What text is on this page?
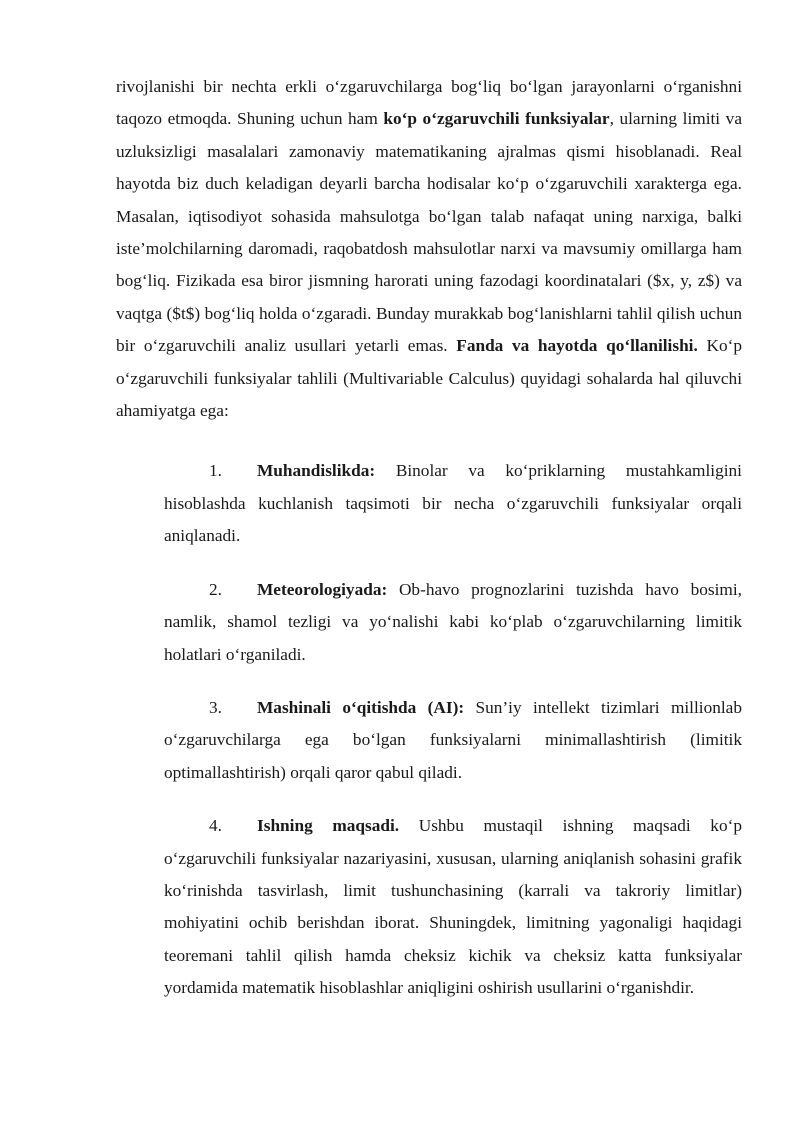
rivojlanishi bir nechta erkli o‘zgaruvchilarga bog‘liq bo‘lgan jarayonlarni o‘rganishni taqozo etmoqda. Shuning uchun ham ko‘p o‘zgaruvchili funksiyalar, ularning limiti va uzluksizligi masalalari zamonaviy matematikaning ajralmas qismi hisoblanadi. Real hayotda biz duch keladigan deyarli barcha hodisalar ko‘p o‘zgaruvchili xarakterga ega. Masalan, iqtisodiyot sohasida mahsulotga bo‘lgan talab nafaqat uning narxiga, balki iste’molchilarning daromadi, raqobatdosh mahsulotlar narxi va mavsumiy omillarga ham bog‘liq. Fizikada esa biror jismning harorati uning fazodagi koordinatalari ($x, y, z$) va vaqtga ($t$) bog‘liq holda o‘zgaradi. Bunday murakkab bog‘lanishlarni tahlil qilish uchun bir o‘zgaruvchili analiz usullari yetarli emas. Fanda va hayotda qo‘llanilishi. Ko‘p o‘zgaruvchili funksiyalar tahlili (Multivariable Calculus) quyidagi sohalarda hal qiluvchi ahamiyatga ega:

1. Muhandislikda: Binolar va ko‘priklarning mustahkamligini hisoblashda kuchlanish taqsimoti bir necha o‘zgaruvchili funksiyalar orqali aniqlanadi.

2. Meteorologiyada: Ob-havo prognozlarini tuzishda havo bosimi, namlik, shamol tezligi va yo‘nalishi kabi ko‘plab o‘zgaruvchilarning limitik holatlari o‘rganiladi.

3. Mashinali o‘qitishda (AI): Sun’iy intellekt tizimlari millionlab o‘zgaruvchilarga ega bo‘lgan funksiyalarni minimallashtirish (limitik optimallashtirish) orqali qaror qabul qiladi.

4. Ishning maqsadi. Ushbu mustaqil ishning maqsadi ko‘p o‘zgaruvchili funksiyalar nazariyasini, xususan, ularning aniqlanish sohasini grafik ko‘rinishda tasvirlash, limit tushunchasining (karrali va takroriy limitlar) mohiyatini ochib berishdan iborat. Shuningdek, limitning yagonaligi haqidagi teoremani tahlil qilish hamda cheksiz kichik va cheksiz katta funksiyalar yordamida matematik hisoblashlar aniqligini oshirish usullarini o‘rganishdir.
